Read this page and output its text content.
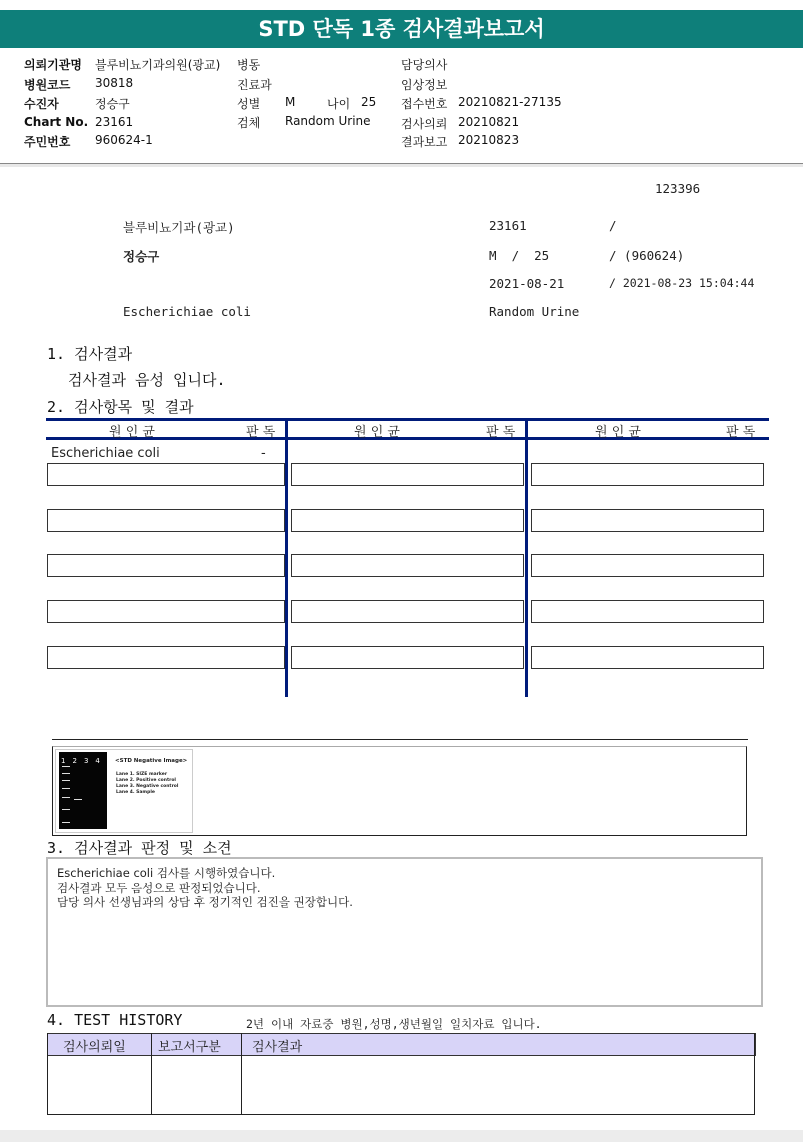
STD 단독 1종 검사결과보고서
의뢰기관명 블루비뇨기과의원(광교)
병원코드 30818
수진자	정승구
Chart No. 23161
주민번호 960624-1
병동
진료과
성별 M	나이 25
검체 Random Urine
담당의사
임상정보
접수번호 20210821-27135
검사의뢰 20210821
결과보고 20210823
123396
블루비뇨기과(광교)	23161	/
정승구	M  /  25	/ (960624)
2021-08-21	/ 2021-08-23 15:04:44
Escherichiae coli	Random Urine
1. 검사결과
검사결과 음성 입니다.
2. 검사항목 및 결과
원 인 균	판 독	원 인 균	판 독	원 인 균	판 독
Escherichiae coli	-
1234 <STD Negative Image>
Lane 1. SIZE marker
Lane 2. Positive control
Lane 3. Negative control
Lane 4. Sample
3. 검사결과 판정 및 소견
Escherichiae coli 검사를 시행하였습니다.
검사결과 모두 음성으로 판정되었습니다.
담당 의사 선생님과의 상담 후 정기적인 검진을 권장합니다.
4. TEST HISTORY	2년 이내 자료중 병원,성명,생년월일 일치자료 입니다.
검사의뢰일 보고서구분 검사결과
